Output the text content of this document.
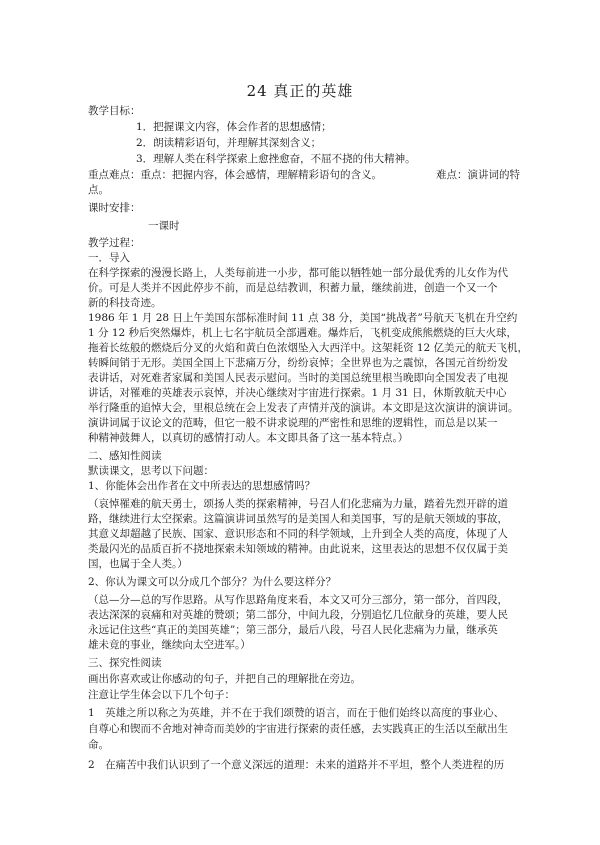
24 真正的英雄
教学目标：
1．把握课文内容，体会作者的思想感情；
2．朗读精彩语句，并理解其深刻含义；
3．理解人类在科学探索上愈挫愈奋，不屈不挠的伟大精神。
重点难点：重点：把握内容，体会感情，理解精彩语句的含义。	难点：演讲词的特
点。
课时安排：
一课时
教学过程：
一．导入
在科学探索的漫漫长路上，人类每前进一小步，都可能以牺牲她一部分最优秀的儿女作为代
价。可是人类并不因此停步不前，而是总结教训，积蓄力量，继续前进，创造一个又一个
新的科技奇迹。
1986 年 1 月 28 日上午美国东部标准时间 11 点 38 分，美国“挑战者”号航天飞机在升空约
1 分 12 秒后突然爆炸，机上七名宇航员全部遇难。爆炸后，飞机变成熊熊燃烧的巨大火球，
拖着长纮般的燃烧后分叉的火焰和黄白色浓烟坠入大西洋中。这架耗资 12 亿美元的航天飞机，
转瞬间销于无形。美国全国上下悲痛万分，纷纷哀悼；全世界也为之震惊，各国元首纷纷发
表讲话，对死难者家属和美国人民表示慰问。当时的美国总统里根当晚即向全国发表了电视
讲话，对罹难的英雄表示哀悼，并决心继续对宇宙进行探索。1 月 31 日，休斯敦航天中心
举行隆重的追悼大会，里根总统在会上发表了声情并茂的演讲。本文即是这次演讲的演讲词。
演讲词属于议论文的范畴，但它一般不讲求说理的严密性和思维的逻辑性，而总是以某一
种精神鼓舞人，以真切的感情打动人。本文即具备了这一基本特点。）
二、感知性阅读
默读课文，思考以下问题：
1、你能体会出作者在文中所表达的思想感情吗？
（哀悼罹难的航天勇士，颂扬人类的探索精神，号召人们化悲痛为力量，踏着先烈开辟的道
路，继续进行太空探索。这篇演讲词虽然写的是美国人和美国事，写的是航天领域的事故，
其意义却超越了民族、国家、意识形态和不同的科学领域，上升到全人类的高度，体现了人
类最闪光的品质百折不挠地探索未知领域的精神。由此说来，这里表达的思想不仅仅属于美
国，也属于全人类。）
2、你认为课文可以分成几个部分？为什么要这样分？
（总—分—总的写作思路。从写作思路角度来看，本文又可分三部分，第一部分，首四段，
表达深深的哀痛和对英雄的赞颂；第二部分，中间九段，分别追忆几位献身的英雄，要人民
永远记住这些“真正的美国英雄”；第三部分，最后八段，号召人民化悲痛为力量，继承英
雄未竟的事业，继续向太空进军。）
三、探究性阅读
画出你喜欢或让你感动的句子，并把自己的理解批在旁边。
注意让学生体会以下几个句子：
1　英雄之所以称之为英雄，并不在于我们颂赞的语言，而在于他们始终以高度的事业心、
自尊心和锲而不舍地对神奇而美妙的宇宙进行探索的责任感，去实践真正的生活以至献出生
命。
2　在痛苦中我们认识到了一个意义深远的道理：未来的道路并不平坦，整个人类进程的历
